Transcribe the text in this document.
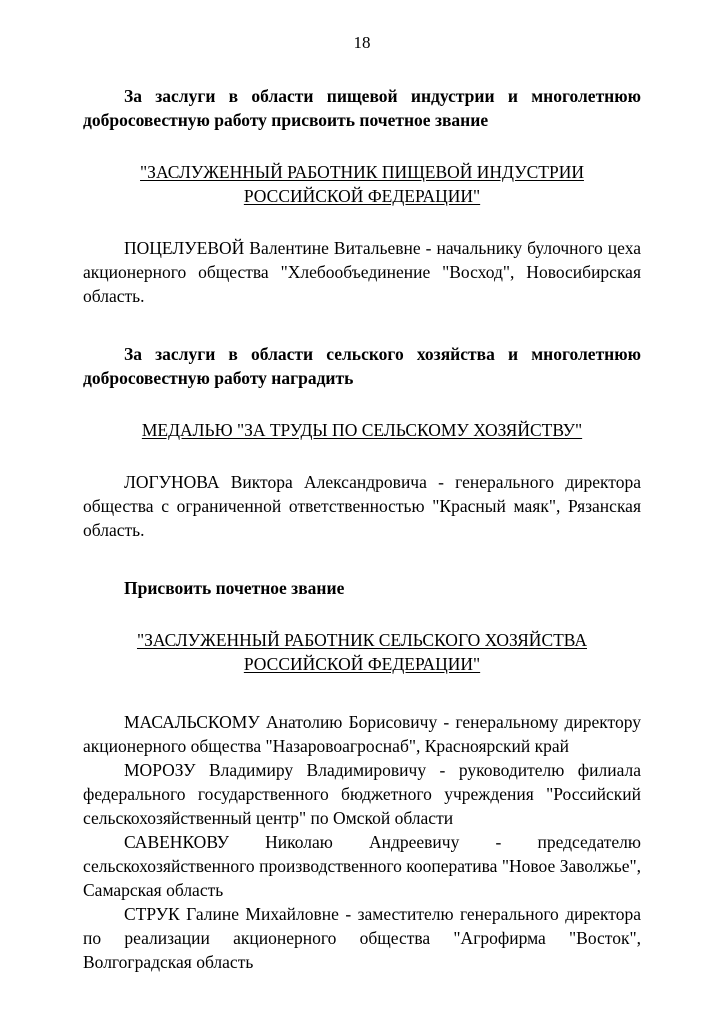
18

За заслуги в области пищевой индустрии и многолетнюю добросовестную работу присвоить почетное звание

"ЗАСЛУЖЕННЫЙ РАБОТНИК ПИЩЕВОЙ ИНДУСТРИИ

РОССИЙСКОЙ ФЕДЕРАЦИИ"

ПОЦЕЛУЕВОЙ Валентине Витальевне - начальнику булочного цеха акционерного общества "Хлебообъединение "Восход", Новосибирская область.

За заслуги в области сельского хозяйства и многолетнюю добросовестную работу наградить

МЕДАЛЬЮ "ЗА ТРУДЫ ПО СЕЛЬСКОМУ ХОЗЯЙСТВУ"

ЛОГУНОВА Виктора Александровича - генерального директора общества с ограниченной ответственностью "Красный маяк", Рязанская область.

Присвоить почетное звание

"ЗАСЛУЖЕННЫЙ РАБОТНИК СЕЛЬСКОГО ХОЗЯЙСТВА

РОССИЙСКОЙ ФЕДЕРАЦИИ"

МАСАЛЬСКОМУ Анатолию Борисовичу - генеральному директору акционерного общества "Назаровоагроснаб", Красноярский край

МОРОЗУ Владимиру Владимировичу - руководителю филиала федерального государственного бюджетного учреждения "Российский сельскохозяйственный центр" по Омской области

САВЕНКОВУ Николаю Андреевичу - председателю сельскохозяйственного производственного кооператива "Новое Заволжье", Самарская область

СТРУК Галине Михайловне - заместителю генерального директора по реализации акционерного общества "Агрофирма "Восток", Волгоградская область
